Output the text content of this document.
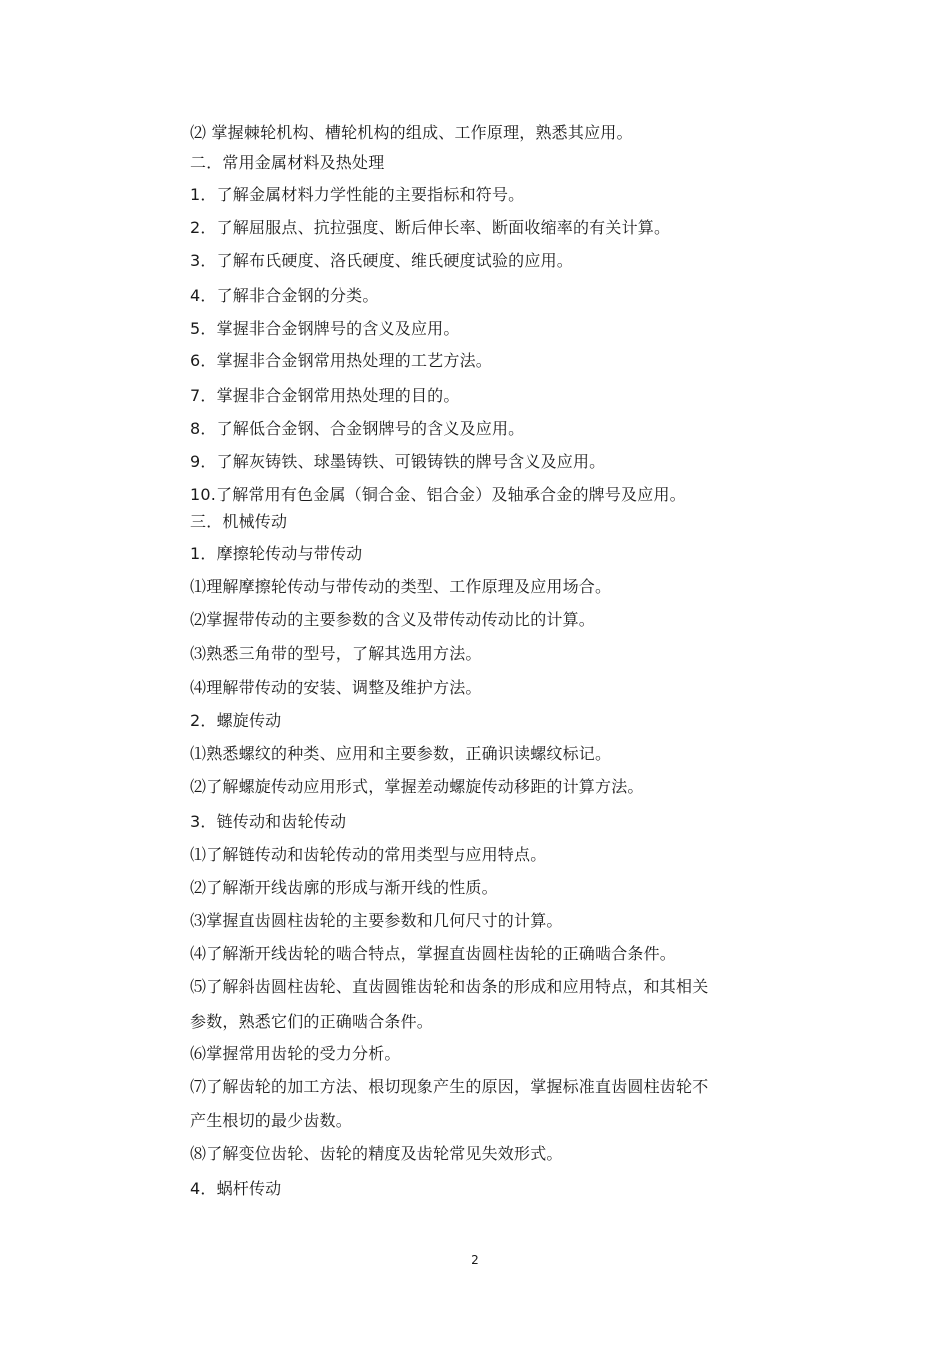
⑵ 掌握棘轮机构、槽轮机构的组成、工作原理，熟悉其应用。
二．常用金属材料及热处理
1．了解金属材料力学性能的主要指标和符号。
2．了解屈服点、抗拉强度、断后伸长率、断面收缩率的有关计算。
3．了解布氏硬度、洛氏硬度、维氏硬度试验的应用。
4．了解非合金钢的分类。
5．掌握非合金钢牌号的含义及应用。
6．掌握非合金钢常用热处理的工艺方法。
7．掌握非合金钢常用热处理的目的。
8．了解低合金钢、合金钢牌号的含义及应用。
9．了解灰铸铁、球墨铸铁、可锻铸铁的牌号含义及应用。
10.了解常用有色金属（铜合金、铝合金）及轴承合金的牌号及应用。
三．机械传动
1．摩擦轮传动与带传动
⑴理解摩擦轮传动与带传动的类型、工作原理及应用场合。
⑵掌握带传动的主要参数的含义及带传动传动比的计算。
⑶熟悉三角带的型号，了解其选用方法。
⑷理解带传动的安装、调整及维护方法。
2．螺旋传动
⑴熟悉螺纹的种类、应用和主要参数，正确识读螺纹标记。
⑵了解螺旋传动应用形式，掌握差动螺旋传动移距的计算方法。
3．链传动和齿轮传动
⑴了解链传动和齿轮传动的常用类型与应用特点。
⑵了解渐开线齿廓的形成与渐开线的性质。
⑶掌握直齿圆柱齿轮的主要参数和几何尺寸的计算。
⑷了解渐开线齿轮的啮合特点，掌握直齿圆柱齿轮的正确啮合条件。
⑸了解斜齿圆柱齿轮、直齿圆锥齿轮和齿条的形成和应用特点，和其相关
参数，熟悉它们的正确啮合条件。
⑹掌握常用齿轮的受力分析。
⑺了解齿轮的加工方法、根切现象产生的原因，掌握标准直齿圆柱齿轮不
产生根切的最少齿数。
⑻了解变位齿轮、齿轮的精度及齿轮常见失效形式。
4．蜗杆传动
2
